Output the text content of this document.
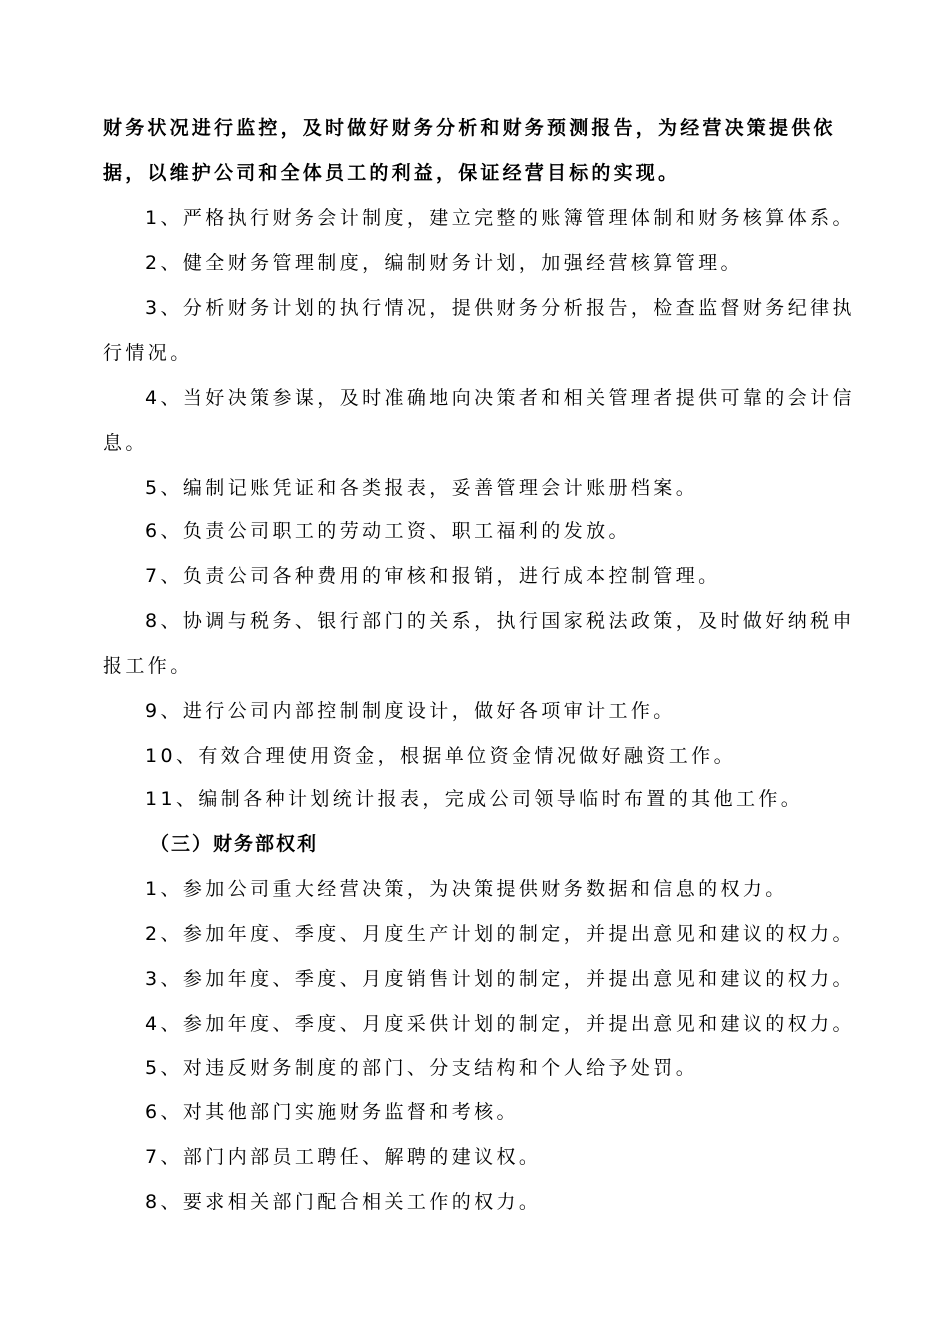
财务状况进行监控，及时做好财务分析和财务预测报告，为经营决策提供依
据，以维护公司和全体员工的利益，保证经营目标的实现。
1、严格执行财务会计制度，建立完整的账簿管理体制和财务核算体系。
2、健全财务管理制度，编制财务计划，加强经营核算管理。
3、分析财务计划的执行情况，提供财务分析报告，检查监督财务纪律执
行情况。
4、当好决策参谋，及时准确地向决策者和相关管理者提供可靠的会计信
息。
5、编制记账凭证和各类报表，妥善管理会计账册档案。
6、负责公司职工的劳动工资、职工福利的发放。
7、负责公司各种费用的审核和报销，进行成本控制管理。
8、协调与税务、银行部门的关系，执行国家税法政策，及时做好纳税申
报工作。
9、进行公司内部控制制度设计，做好各项审计工作。
10、有效合理使用资金，根据单位资金情况做好融资工作。
11、编制各种计划统计报表，完成公司领导临时布置的其他工作。
（三）财务部权利
1、参加公司重大经营决策，为决策提供财务数据和信息的权力。
2、参加年度、季度、月度生产计划的制定，并提出意见和建议的权力。
3、参加年度、季度、月度销售计划的制定，并提出意见和建议的权力。
4、参加年度、季度、月度采供计划的制定，并提出意见和建议的权力。
5、对违反财务制度的部门、分支结构和个人给予处罚。
6、对其他部门实施财务监督和考核。
7、部门内部员工聘任、解聘的建议权。
8、要求相关部门配合相关工作的权力。
